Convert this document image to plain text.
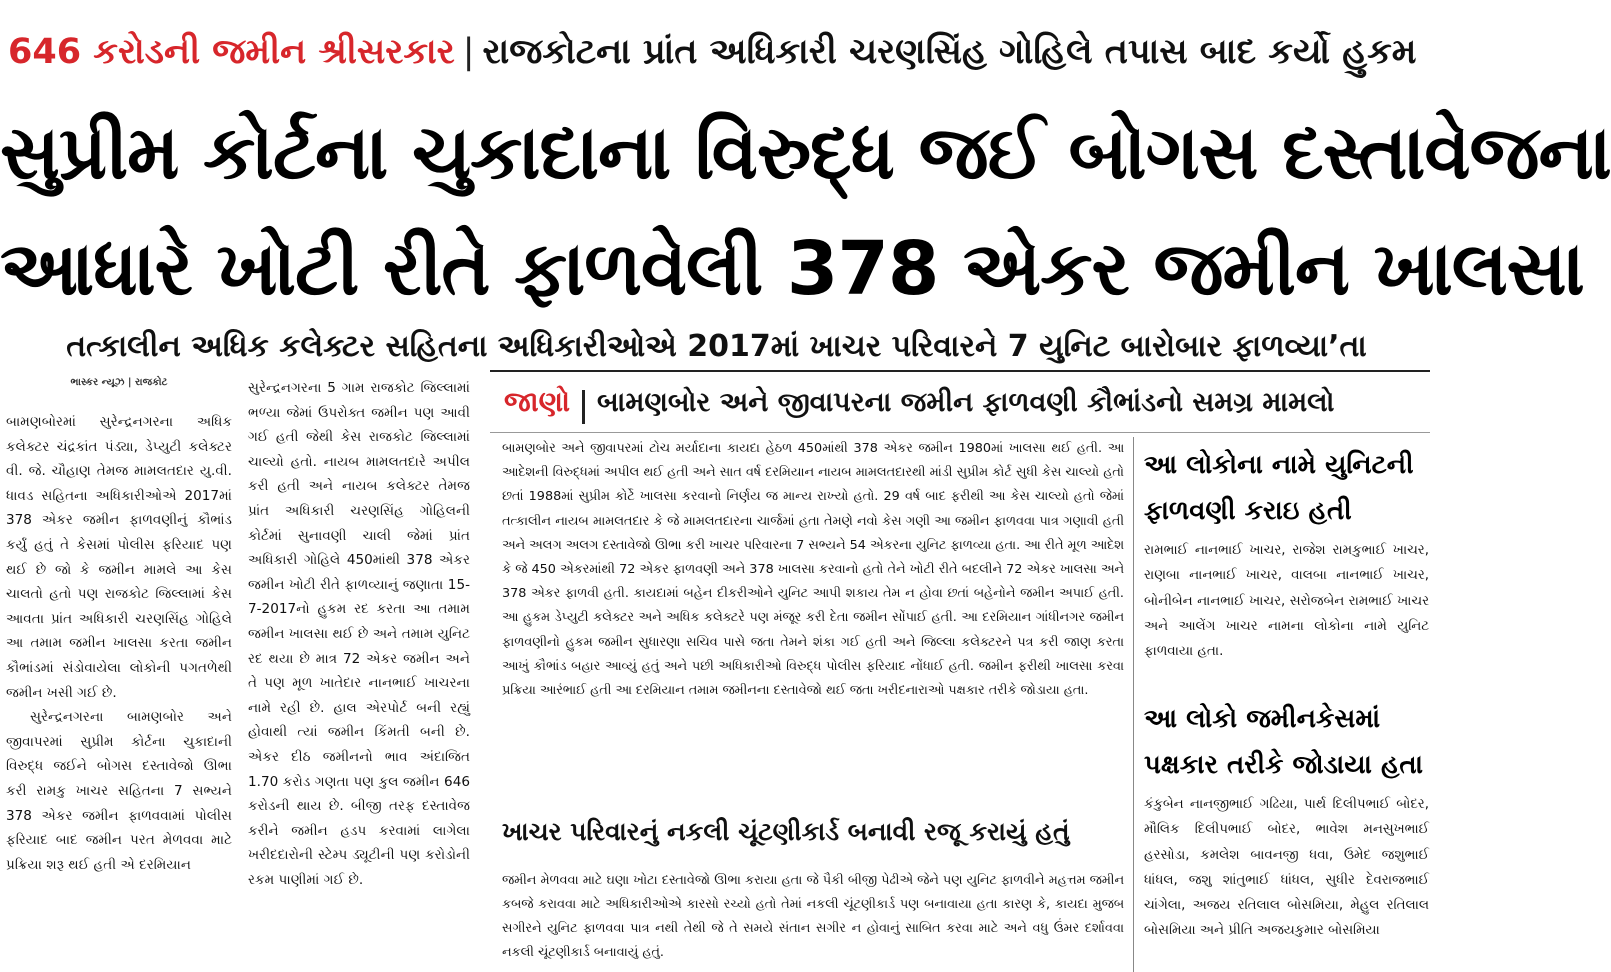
646 કરોડની જમીન શ્રીસરકાર | રાજકોટના પ્રાંત અધિકારી ચરણસિંહ ગોહિલે તપાસ બાદ કર્યો હુકમ
સુપ્રીમ કોર્ટના ચુકાદાના વિરુદ્ધ જઈ બોગસ દસ્તાવેજના
આધારે ખોટી રીતે ફાળવેલી 378 એકર જમીન ખાલસા
તત્કાલીન અધિક કલેક્ટર સહિતના અધિકારીઓએ 2017માં ખાચર પરિવારને 7 યુનિટ બારોબાર ફાળવ્યા’તા
ભાસ્કર ન્યૂઝ | રાજકોટ

બામણબોરમાં સુરેન્દ્રનગરના અધિક કલેક્ટર ચંદ્રકાંત પંડ્યા, ડેપ્યુટી કલેક્ટર વી. જે. ચૌહાણ તેમજ મામલતદાર યુ.વી. ધાવડ સહિતના અધિકારીઓએ 2017માં 378 એકર જમીન ફાળવણીનું કૌભાંડ કર્યું હતું તે કેસમાં પોલીસ ફરિયાદ પણ થઈ છે જો કે જમીન મામલે આ કેસ ચાલતો હતો પણ રાજકોટ જિલ્લામાં કેસ આવતા પ્રાંત અધિકારી ચરણસિંહ ગોહિલે આ તમામ જમીન ખાલસા કરતા જમીન કૌભાંડમાં સંડોવાયેલા લોકોની પગતળેથી જમીન ખસી ગઈ છે.

સુરેન્દ્રનગરના બામણબોર અને જીવાપરમાં સુપ્રીમ કોર્ટના ચુકાદાની વિરુદ્ધ જઈને બોગસ દસ્તાવેજો ઊભા કરી રામકુ ખાચર સહિતના 7 સભ્યને 378 એકર જમીન ફાળવવામાં પોલીસ ફરિયાદ બાદ જમીન પરત મેળવવા માટે પ્રક્રિયા શરૂ થઈ હતી એ દરમિયાન

સુરેન્દ્રનગરના 5 ગામ રાજકોટ જિલ્લામાં ભળ્યા જેમાં ઉપરોક્ત જમીન પણ આવી ગઈ હતી જેથી કેસ રાજકોટ જિલ્લામાં ચાલ્યો હતો. નાયબ મામલતદારે અપીલ કરી હતી અને નાયબ કલેક્ટર તેમજ પ્રાંત અધિકારી ચરણસિંહ ગોહિલની કોર્ટમાં સુનાવણી ચાલી જેમાં પ્રાંત અધિકારી ગોહિલે 450માંથી 378 એકર જમીન ખોટી રીતે ફાળવ્યાનું જણાતા 15-7-2017નો હુકમ રદ કરતા આ તમામ જમીન ખાલસા થઈ છે અને તમામ યુનિટ રદ થયા છે માત્ર 72 એકર જમીન અને તે પણ મૂળ ખાતેદાર નાનભાઈ ખાચરના નામે રહી છે. હાલ એરપોર્ટ બની રહ્યું હોવાથી ત્યાં જમીન કિંમતી બની છે. એકર દીઠ જમીનનો ભાવ અંદાજિત 1.70 કરોડ ગણતા પણ કુલ જમીન 646 કરોડની થાય છે. બીજી તરફ દસ્તાવેજ કરીને જમીન હડપ કરવામાં લાગેલા ખરીદદારોની સ્ટેમ્પ ડ્યૂટીની પણ કરોડોની રકમ પાણીમાં ગઈ છે.

જાણો બામણબોર અને જીવાપરના જમીન ફાળવણી કૌભાંડનો સમગ્ર મામલો

બામણબોર અને જીવાપરમાં ટોચ મર્યાદાના કાયદા હેઠળ 450માંથી 378 એકર જમીન 1980માં ખાલસા થઈ હતી. આ આદેશની વિરુદ્ધમાં અપીલ થઈ હતી અને સાત વર્ષ દરમિયાન નાયબ મામલતદારથી માંડી સુપ્રીમ કોર્ટ સુધી કેસ ચાલ્યો હતો છતાં 1988માં સુપ્રીમ કોર્ટે ખાલસા કરવાનો નિર્ણય જ માન્ય રાખ્યો હતો. 29 વર્ષ બાદ ફરીથી આ કેસ ચાલ્યો હતો જેમાં તત્કાલીન નાયબ મામલતદાર કે જે મામલતદારના ચાર્જમાં હતા તેમણે નવો કેસ ગણી આ જમીન ફાળવવા પાત્ર ગણાવી હતી અને અલગ અલગ દસ્તાવેજો ઊભા કરી ખાચર પરિવારના 7 સભ્યને 54 એકરના યુનિટ ફાળવ્યા હતા. આ રીતે મૂળ આદેશ કે જે 450 એકરમાંથી 72 એકર ફાળવણી અને 378 ખાલસા કરવાનો હતો તેને ખોટી રીતે બદલીને 72 એકર ખાલસા અને 378 એકર ફાળવી હતી. કાયદામાં બહેન દીકરીઓને યુનિટ આપી શકાય તેમ ન હોવા છતાં બહેનોને જમીન અપાઈ હતી. આ હુકમ ડેપ્યુટી કલેક્ટર અને અધિક કલેક્ટરે પણ મંજૂર કરી દેતા જમીન સોંપાઈ હતી. આ દરમિયાન ગાંધીનગર જમીન ફાળવણીનો હુકમ જમીન સુધારણા સચિવ પાસે જતા તેમને શંકા ગઈ હતી અને જિલ્લા કલેક્ટરને પત્ર કરી જાણ કરતા આખું કૌભાંડ બહાર આવ્યું હતું અને પછી અધિકારીઓ વિરુદ્ધ પોલીસ ફરિયાદ નોંધાઈ હતી. જમીન ફરીથી ખાલસા કરવા પ્રક્રિયા આરંભાઈ હતી આ દરમિયાન તમામ જમીનના દસ્તાવેજો થઈ જતા ખરીદનારાઓ પક્ષકાર તરીકે જોડાયા હતા.

ખાચર પરિવારનું નકલી ચૂંટણીકાર્ડ બનાવી રજૂ કરાયું હતું

જમીન મેળવવા માટે ઘણા ખોટા દસ્તાવેજો ઊભા કરાયા હતા જે પૈકી બીજી પેઢીએ જેને પણ યુનિટ ફાળવીને મહત્તમ જમીન કબજે કરાવવા માટે અધિકારીઓએ કારસો રચ્યો હતો તેમાં નકલી ચૂંટણીકાર્ડ પણ બનાવાયા હતા કારણ કે, કાયદા મુજબ સગીરને યુનિટ ફાળવવા પાત્ર નથી તેથી જે તે સમયે સંતાન સગીર ન હોવાનું સાબિત કરવા માટે અને વધુ ઉંમર દર્શાવવા નકલી ચૂંટણીકાર્ડ બનાવાયું હતું.

આ લોકોના નામે યુનિટની ફાળવણી કરાઇ હતી

રામભાઈ નાનભાઈ ખાચર, રાજેશ રામકુભાઈ ખાચર, રાણબા નાનભાઈ ખાચર, વાલબા નાનભાઈ ખાચર, બોનીબેન નાનભાઈ ખાચર, સરોજબેન રામભાઈ ખાચર અને આલેંગ ખાચર નામના લોકોના નામે યુનિટ ફાળવાયા હતા.

આ લોકો જમીનકેસમાં પક્ષકાર તરીકે જોડાયા હતા

કંકુબેન નાનજીભાઈ ગઢિયા, પાર્થ દિલીપભાઈ બોદર, મૌલિક દિલીપભાઈ બોદર, ભાવેશ મનસુખભાઈ હરસોડા, કમલેશ બાવનજી ધવા, ઉમેદ જશુભાઈ ધાંધલ, જશુ શાંતુભાઈ ધાંધલ, સુધીર દેવરાજભાઈ ચાંગેલા, અજય રતિલાલ બોસમિયા, મેહુલ રતિલાલ બોસમિયા અને પ્રીતિ અજયકુમાર બોસમિયા
